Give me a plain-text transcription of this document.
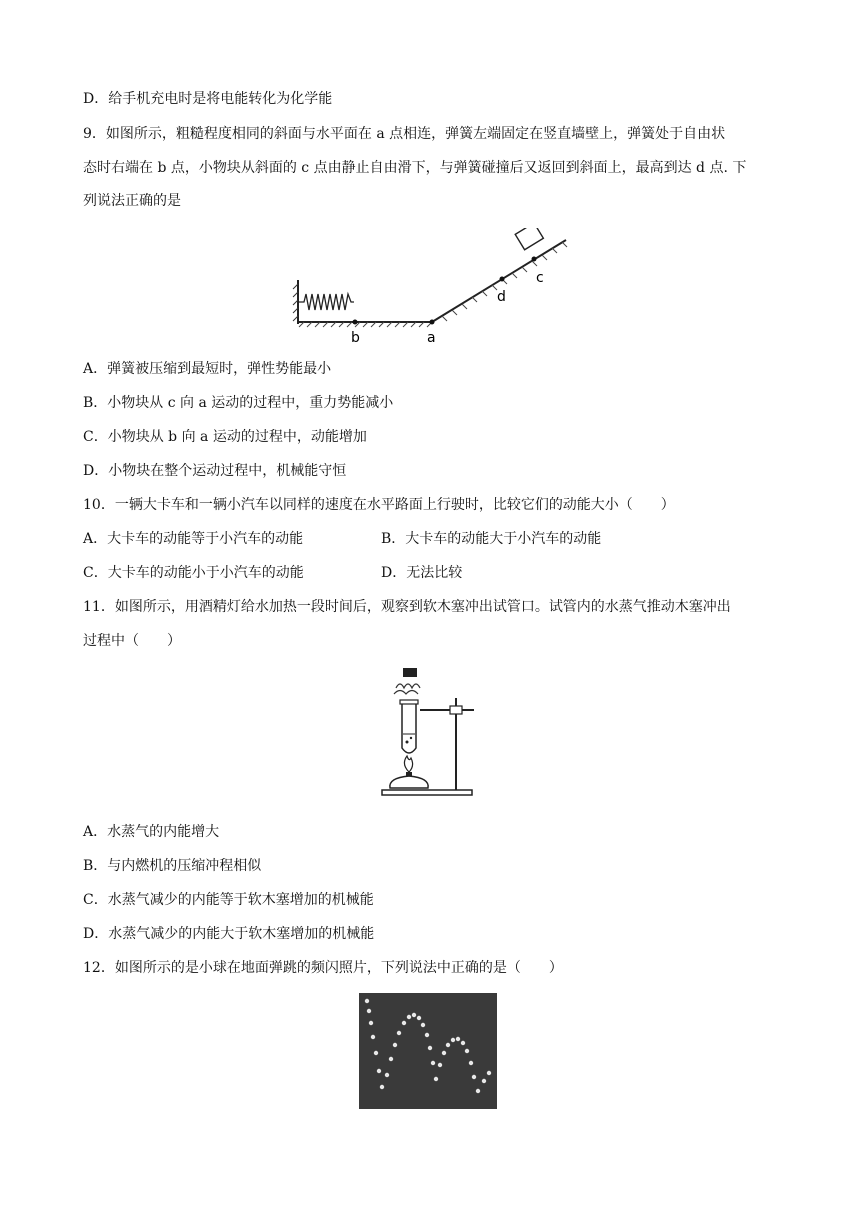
D．给手机充电时是将电能转化为化学能
9．如图所示，粗糙程度相同的斜面与水平面在 a 点相连，弹簧左端固定在竖直墙壁上，弹簧处于自由状
态时右端在 b 点，小物块从斜面的 c 点由静止自由滑下，与弹簧碰撞后又返回到斜面上，最高到达 d 点. 下
列说法正确的是
b	a
d
c
A．弹簧被压缩到最短时，弹性势能最小
B．小物块从 c 向 a 运动的过程中，重力势能减小
C．小物块从 b 向 a 运动的过程中，动能增加
D．小物块在整个运动过程中，机械能守恒
10．一辆大卡车和一辆小汽车以同样的速度在水平路面上行驶时，比较它们的动能大小（　　）
A．大卡车的动能等于小汽车的动能	B．大卡车的动能大于小汽车的动能
C．大卡车的动能小于小汽车的动能	D．无法比较
11．如图所示，用酒精灯给水加热一段时间后，观察到软木塞冲出试管口。试管内的水蒸气推动木塞冲出
过程中（　　）
A．水蒸气的内能增大
B．与内燃机的压缩冲程相似
C．水蒸气减少的内能等于软木塞增加的机械能
D．水蒸气减少的内能大于软木塞增加的机械能
12．如图所示的是小球在地面弹跳的频闪照片，下列说法中正确的是（　　）
